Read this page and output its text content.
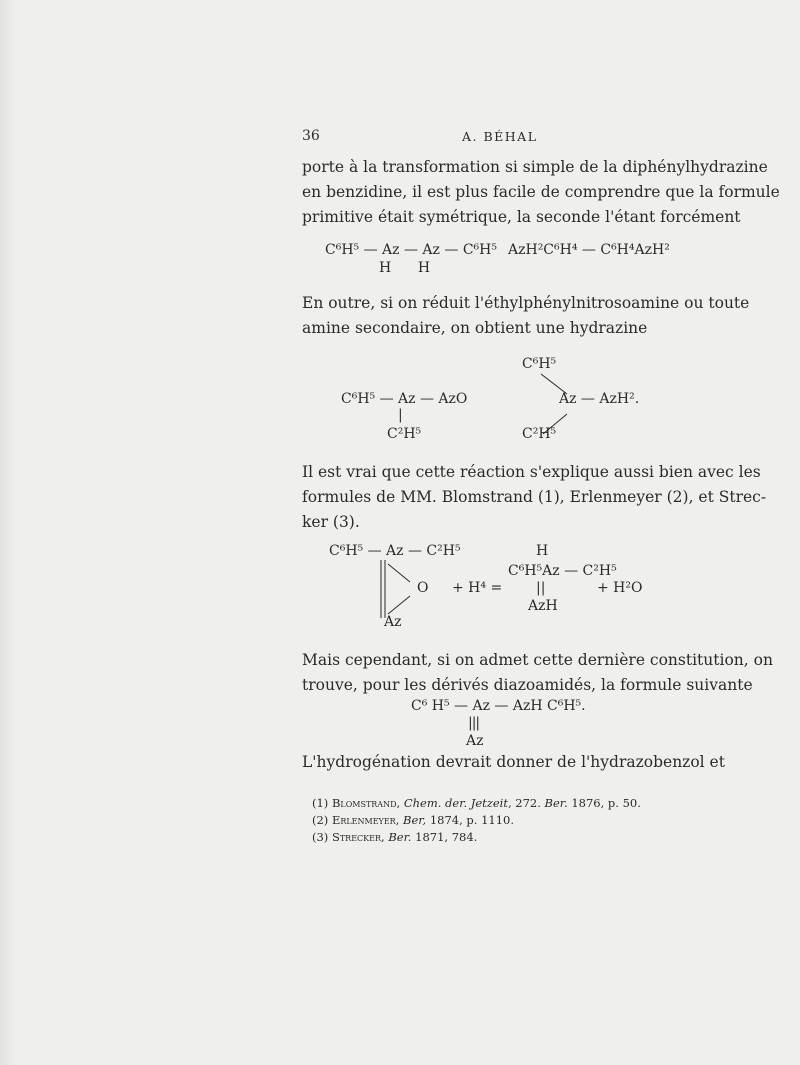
36	A. BÉHAL
porte à la transformation si simple de la diphénylhydrazine
en benzidine, il est plus facile de comprendre que la formule
primitive était symétrique, la seconde l'étant forcément
C⁶H⁵ — Az — Az — C⁶H⁵
H      H
AzH²C⁶H⁴ — C⁶H⁴AzH²
En outre, si on réduit l'éthylphénylnitrosoamine ou toute
amine secondaire, on obtient une hydrazine
C⁶H⁵ — Az — AzO
|
C²H⁵
C⁶H⁵
Az — AzH².
C²H⁵
Il est vrai que cette réaction s'explique aussi bien avec les
formules de MM. Blomstrand (1), Erlenmeyer (2), et Strec-
ker (3).
C⁶H⁵ — Az — C²H⁵
O
Az
+ H⁴ =
H
C⁶H⁵Az — C²H⁵
||
AzH
+ H²O
Mais cependant, si on admet cette dernière constitution, on
trouve, pour les dérivés diazoamidés, la formule suivante
C⁶ H⁵ — Az — AzH C⁶H⁵.
|||
Az
L'hydrogénation devrait donner de l'hydrazobenzol et
(1) Blomstrand, Chem. der. Jetzeit, 272. Ber. 1876, p. 50.
(2) Erlenmeyer, Ber, 1874, p. 1110.
(3) Strecker, Ber. 1871, 784.
